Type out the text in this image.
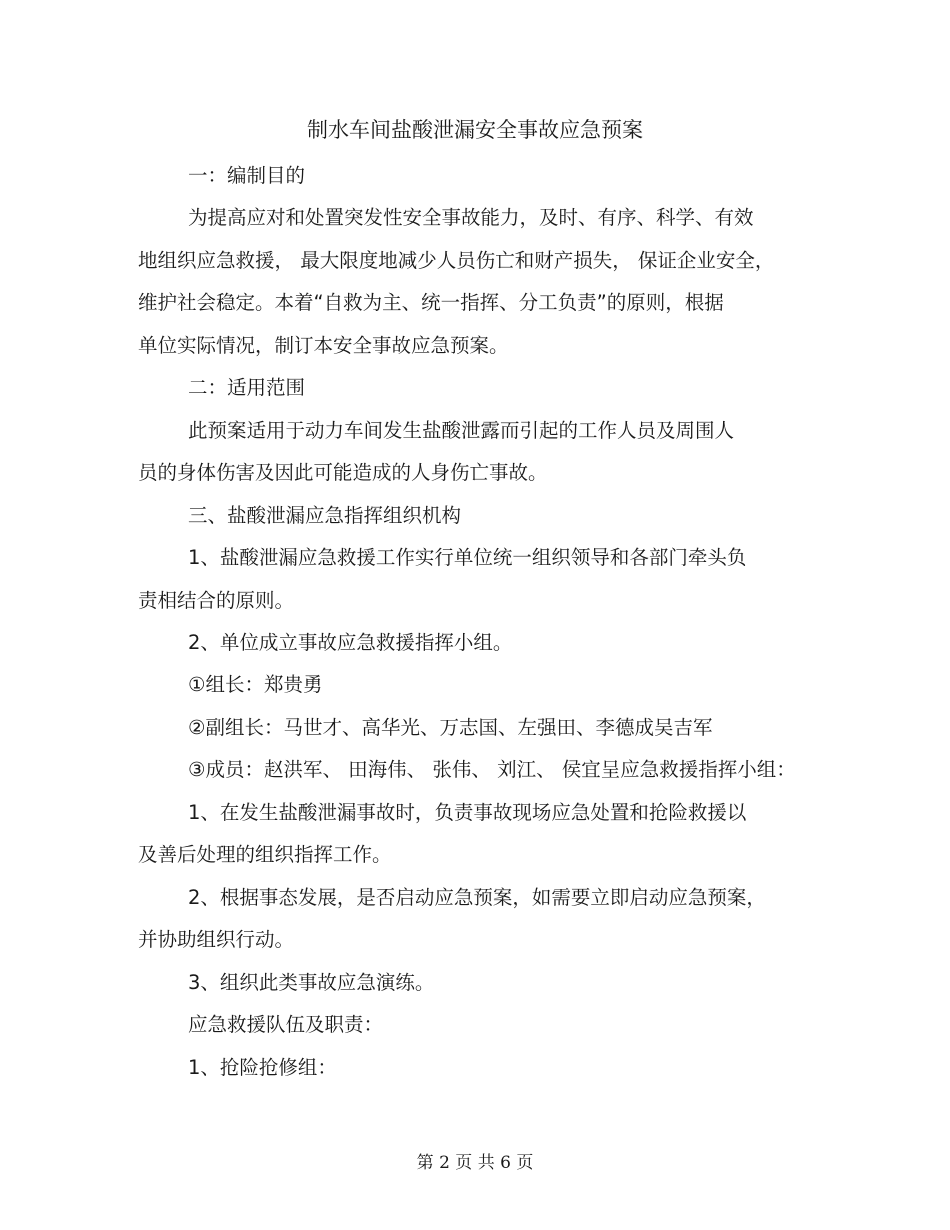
制水车间盐酸泄漏安全事故应急预案
一：编制目的
为提高应对和处置突发性安全事故能力，及时、有序、科学、有效
地组织应急救援， 最大限度地减少人员伤亡和财产损失， 保证企业安全，
维护社会稳定。本着“自救为主、统一指挥、分工负责”的原则，根据
单位实际情况，制订本安全事故应急预案。
二：适用范围
此预案适用于动力车间发生盐酸泄露而引起的工作人员及周围人
员的身体伤害及因此可能造成的人身伤亡事故。
三、盐酸泄漏应急指挥组织机构
1、盐酸泄漏应急救援工作实行单位统一组织领导和各部门牵头负
责相结合的原则。
2、单位成立事故应急救援指挥小组。
①组长：郑贵勇
②副组长：马世才、高华光、万志国、左强田、李德成吴吉军
③成员：赵洪军、 田海伟、 张伟、 刘江、 侯宜呈应急救援指挥小组：
1、在发生盐酸泄漏事故时，负责事故现场应急处置和抢险救援以
及善后处理的组织指挥工作。
2、根据事态发展，是否启动应急预案，如需要立即启动应急预案，
并协助组织行动。
3、组织此类事故应急演练。
应急救援队伍及职责：
1、抢险抢修组：
第 2 页 共 6 页
